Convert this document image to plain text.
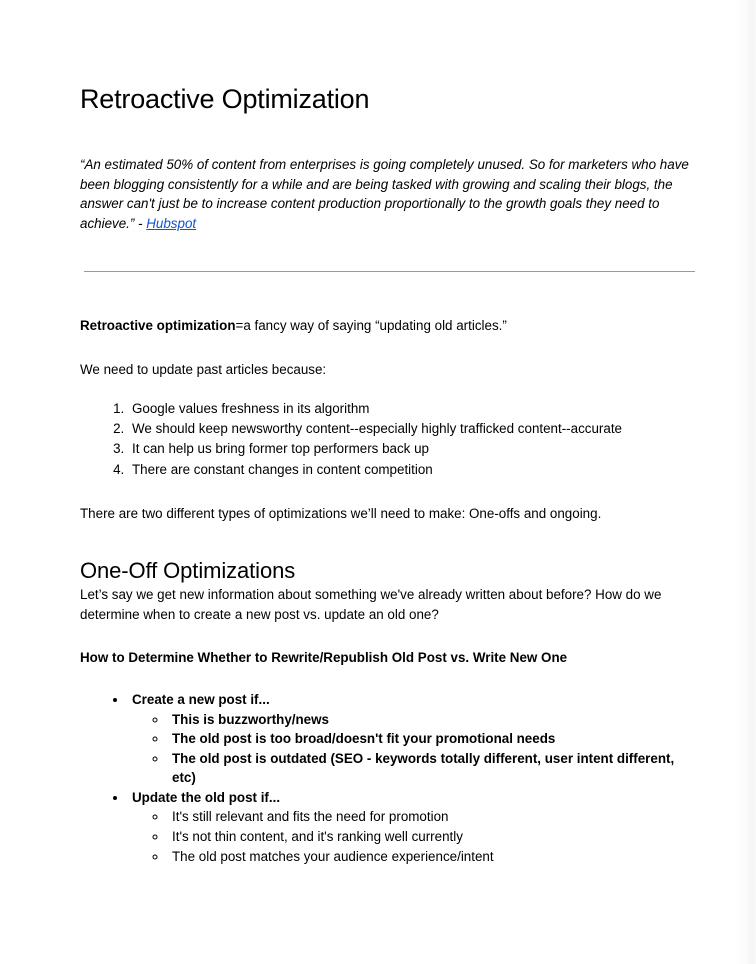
Retroactive Optimization

“An estimated 50% of content from enterprises is going completely unused. So for marketers who have been blogging consistently for a while and are being tasked with growing and scaling their blogs, the answer can't just be to increase content production proportionally to the growth goals they need to achieve.” - Hubspot

Retroactive optimization=a fancy way of saying “updating old articles.”

We need to update past articles because:

1. Google values freshness in its algorithm
2. We should keep newsworthy content--especially highly trafficked content--accurate
3. It can help us bring former top performers back up
4. There are constant changes in content competition

There are two different types of optimizations we’ll need to make: One-offs and ongoing.

One-Off Optimizations

Let’s say we get new information about something we've already written about before? How do we determine when to create a new post vs. update an old one?

How to Determine Whether to Rewrite/Republish Old Post vs. Write New One

• Create a new post if...
◦ This is buzzworthy/news
◦ The old post is too broad/doesn't fit your promotional needs
◦ The old post is outdated (SEO - keywords totally different, user intent different, etc)
• Update the old post if...
◦ It's still relevant and fits the need for promotion
◦ It's not thin content, and it's ranking well currently
◦ The old post matches your audience experience/intent
